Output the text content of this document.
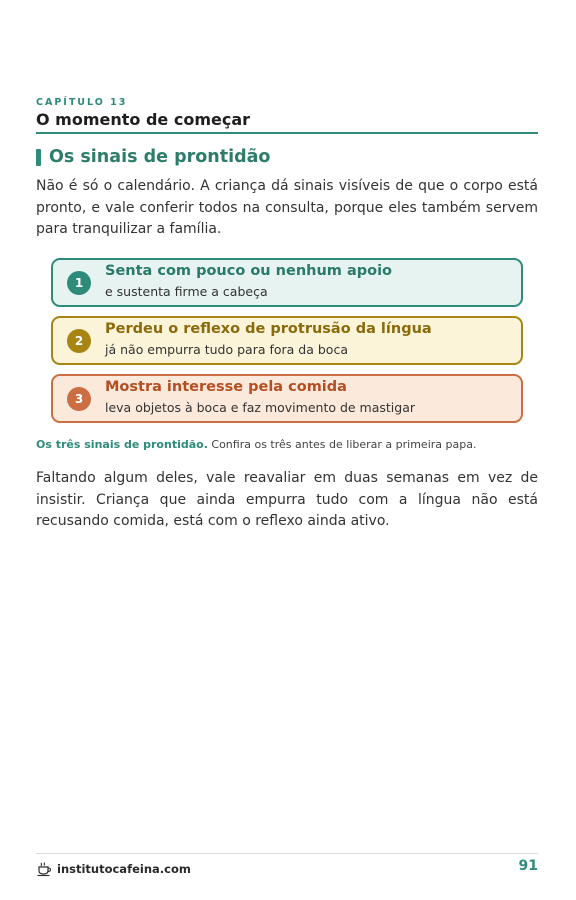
CAPÍTULO 13
O momento de começar
Os sinais de prontidão

Não é só o calendário. A criança dá sinais visíveis de que o corpo está pronto, e vale conferir todos na consulta, porque eles também servem para tranquilizar a família.

1
Senta com pouco ou nenhum apoio
e sustenta firme a cabeça
2
Perdeu o reflexo de protrusão da língua
já não empurra tudo para fora da boca
3
Mostra interesse pela comida
leva objetos à boca e faz movimento de mastigar
Os três sinais de prontidão. Confira os três antes de liberar a primeira papa.

Faltando algum deles, vale reavaliar em duas semanas em vez de insistir. Criança que ainda empurra tudo com a língua não está recusando comida, está com o reflexo ainda ativo.

institutocafeina.com	91
